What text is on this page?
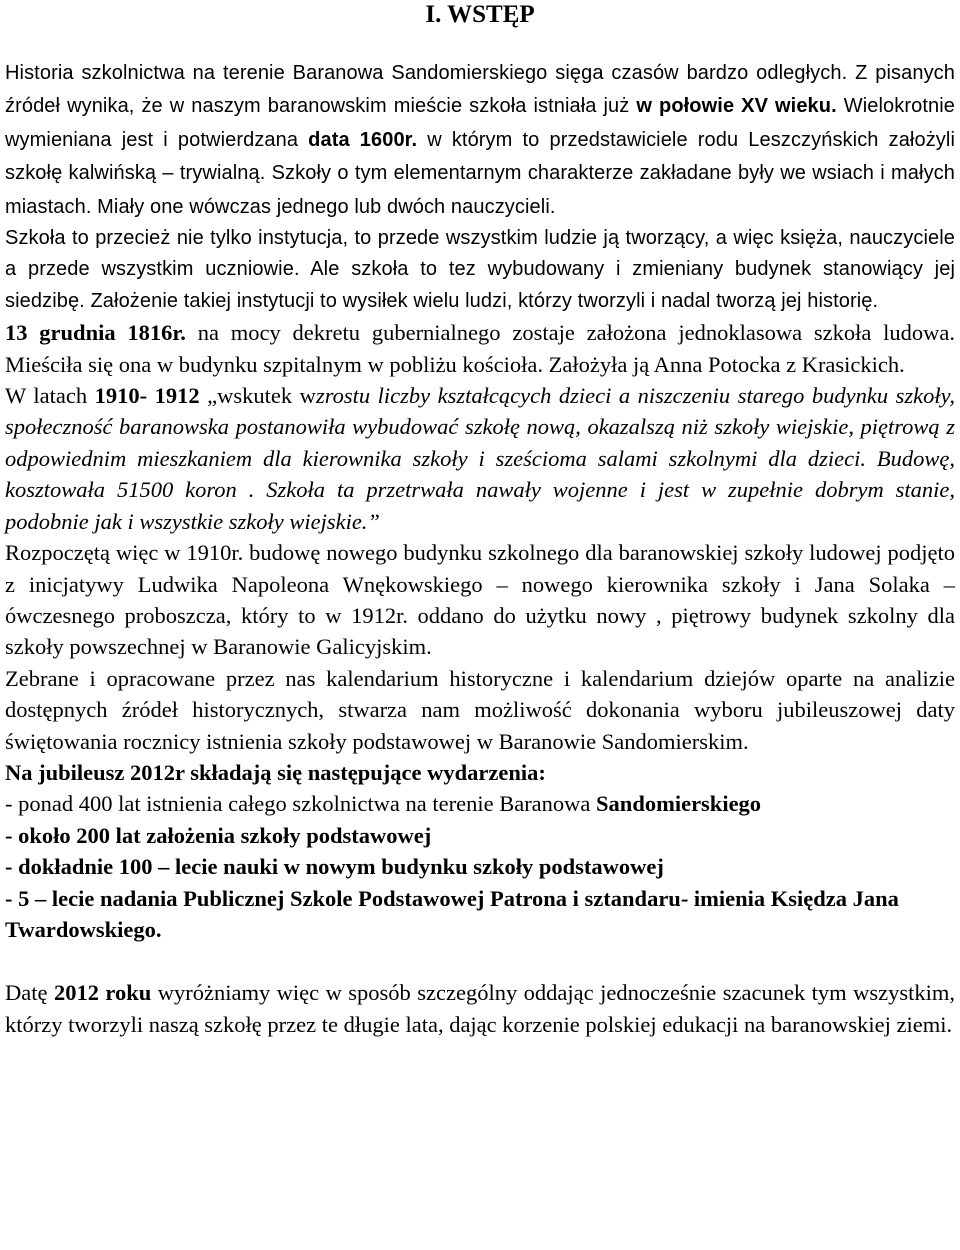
I. WSTĘP

Historia szkolnictwa na terenie Baranowa Sandomierskiego sięga czasów bardzo odległych. Z pisanych źródeł wynika, że w naszym baranowskim mieście szkoła istniała już w połowie XV wieku. Wielokrotnie wymieniana jest i potwierdzana data 1600r. w którym to przedstawiciele rodu Leszczyńskich założyli szkołę kalwińską – trywialną. Szkoły o tym elementarnym charakterze zakładane były we wsiach i małych miastach. Miały one wówczas jednego lub dwóch nauczycieli.

Szkoła to przecież nie tylko instytucja, to przede wszystkim ludzie ją tworzący, a więc księża, nauczyciele a przede wszystkim uczniowie. Ale szkoła to tez wybudowany i zmieniany budynek stanowiący jej siedzibę. Założenie takiej instytucji to wysiłek wielu ludzi, którzy tworzyli i nadal tworzą jej historię.

13 grudnia 1816r. na mocy dekretu gubernialnego zostaje założona jednoklasowa szkoła ludowa. Mieściła się ona w budynku szpitalnym w pobliżu kościoła. Założyła ją Anna Potocka z Krasickich.

W latach 1910- 1912 „wskutek wzrostu liczby kształcących dzieci a niszczeniu starego budynku szkoły, społeczność baranowska postanowiła wybudować szkołę nową, okazalszą niż szkoły wiejskie, piętrową z odpowiednim mieszkaniem dla kierownika szkoły i sześcioma salami szkolnymi dla dzieci. Budowę, kosztowała 51500 koron . Szkoła ta przetrwała nawały wojenne i jest w zupełnie dobrym stanie, podobnie jak i wszystkie szkoły wiejskie.”

Rozpoczętą więc w 1910r. budowę nowego budynku szkolnego dla baranowskiej szkoły ludowej podjęto z inicjatywy Ludwika Napoleona Wnękowskiego – nowego kierownika szkoły i Jana Solaka – ówczesnego proboszcza, który to w 1912r. oddano do użytku nowy , piętrowy budynek szkolny dla szkoły powszechnej w Baranowie Galicyjskim.

Zebrane i opracowane przez nas kalendarium historyczne i kalendarium dziejów oparte na analizie dostępnych źródeł historycznych, stwarza nam możliwość dokonania wyboru jubileuszowej daty świętowania rocznicy istnienia szkoły podstawowej w Baranowie Sandomierskim.

Na jubileusz 2012r składają się następujące wydarzenia:

- ponad 400 lat istnienia całego szkolnictwa na terenie Baranowa Sandomierskiego

- około 200 lat założenia szkoły podstawowej

- dokładnie 100 – lecie nauki w nowym budynku szkoły podstawowej

- 5 – lecie nadania Publicznej Szkole Podstawowej Patrona i sztandaru- imienia Księdza Jana Twardowskiego.

Datę 2012 roku wyróżniamy więc w sposób szczególny oddając jednocześnie szacunek tym wszystkim, którzy tworzyli naszą szkołę przez te długie lata, dając korzenie polskiej edukacji na baranowskiej ziemi.
